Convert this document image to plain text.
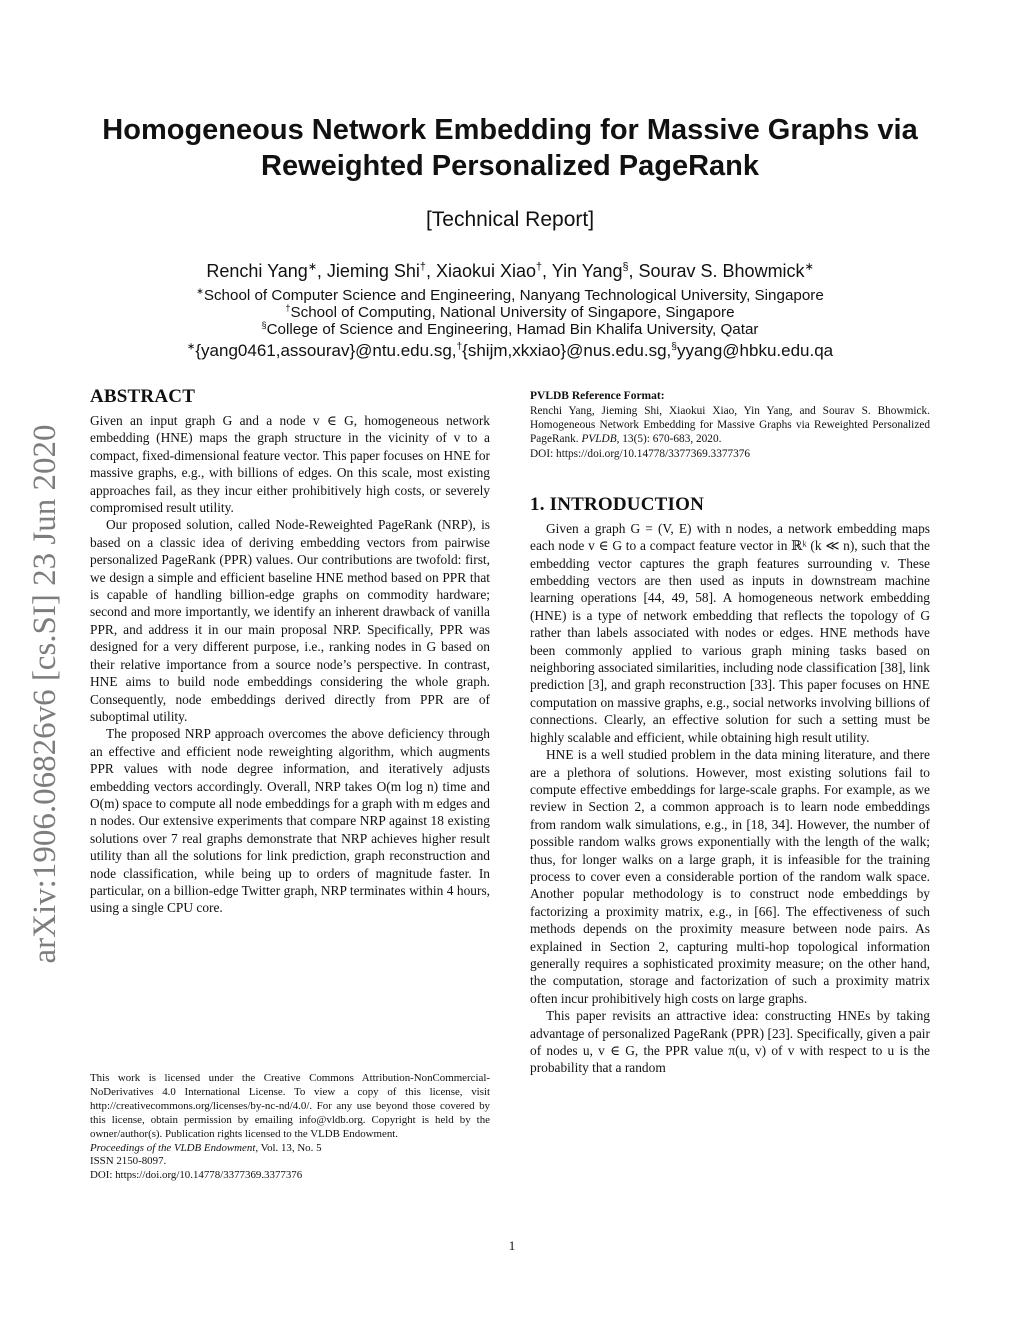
arXiv:1906.06826v6 [cs.SI] 23 Jun 2020
Homogeneous Network Embedding for Massive Graphs via
Reweighted Personalized PageRank
[Technical Report]
Renchi Yang∗, Jieming Shi†, Xiaokui Xiao†, Yin Yang§, Sourav S. Bhowmick∗
∗School of Computer Science and Engineering, Nanyang Technological University, Singapore
†School of Computing, National University of Singapore, Singapore
§College of Science and Engineering, Hamad Bin Khalifa University, Qatar
∗{yang0461,assourav}@ntu.edu.sg,†{shijm,xkxiao}@nus.edu.sg,§yyang@hbku.edu.qa
ABSTRACT

Given an input graph G and a node v ∈ G, homogeneous network embedding (HNE) maps the graph structure in the vicinity of v to a compact, fixed-dimensional feature vector. This paper focuses on HNE for massive graphs, e.g., with billions of edges. On this scale, most existing approaches fail, as they incur either prohibitively high costs, or severely compromised result utility.

Our proposed solution, called Node-Reweighted PageRank (NRP), is based on a classic idea of deriving embedding vectors from pairwise personalized PageRank (PPR) values. Our contributions are twofold: first, we design a simple and efficient baseline HNE method based on PPR that is capable of handling billion-edge graphs on commodity hardware; second and more importantly, we identify an inherent drawback of vanilla PPR, and address it in our main proposal NRP. Specifically, PPR was designed for a very different purpose, i.e., ranking nodes in G based on their relative importance from a source node’s perspective. In contrast, HNE aims to build node embeddings considering the whole graph. Consequently, node embeddings derived directly from PPR are of suboptimal utility.

The proposed NRP approach overcomes the above deficiency through an effective and efficient node reweighting algorithm, which augments PPR values with node degree information, and iteratively adjusts embedding vectors accordingly. Overall, NRP takes O(m log n) time and O(m) space to compute all node embeddings for a graph with m edges and n nodes. Our extensive experiments that compare NRP against 18 existing solutions over 7 real graphs demonstrate that NRP achieves higher result utility than all the solutions for link prediction, graph reconstruction and node classification, while being up to orders of magnitude faster. In particular, on a billion-edge Twitter graph, NRP terminates within 4 hours, using a single CPU core.

This work is licensed under the Creative Commons Attribution-NonCommercial-NoDerivatives 4.0 International License. To view a copy of this license, visit http://creativecommons.org/licenses/by-nc-nd/4.0/. For any use beyond those covered by this license, obtain permission by emailing info@vldb.org. Copyright is held by the owner/author(s). Publication rights licensed to the VLDB Endowment.

Proceedings of the VLDB Endowment, Vol. 13, No. 5

ISSN 2150-8097.

DOI: https://doi.org/10.14778/3377369.3377376

PVLDB Reference Format:

Renchi Yang, Jieming Shi, Xiaokui Xiao, Yin Yang, and Sourav S. Bhowmick. Homogeneous Network Embedding for Massive Graphs via Reweighted Personalized PageRank. PVLDB, 13(5): 670-683, 2020.

DOI: https://doi.org/10.14778/3377369.3377376

1. INTRODUCTION

Given a graph G = (V, E) with n nodes, a network embedding maps each node v ∈ G to a compact feature vector in ℝᵏ (k ≪ n), such that the embedding vector captures the graph features surrounding v. These embedding vectors are then used as inputs in downstream machine learning operations [44, 49, 58]. A homogeneous network embedding (HNE) is a type of network embedding that reflects the topology of G rather than labels associated with nodes or edges. HNE methods have been commonly applied to various graph mining tasks based on neighboring associated similarities, including node classification [38], link prediction [3], and graph reconstruction [33]. This paper focuses on HNE computation on massive graphs, e.g., social networks involving billions of connections. Clearly, an effective solution for such a setting must be highly scalable and efficient, while obtaining high result utility.

HNE is a well studied problem in the data mining literature, and there are a plethora of solutions. However, most existing solutions fail to compute effective embeddings for large-scale graphs. For example, as we review in Section 2, a common approach is to learn node embeddings from random walk simulations, e.g., in [18, 34]. However, the number of possible random walks grows exponentially with the length of the walk; thus, for longer walks on a large graph, it is infeasible for the training process to cover even a considerable portion of the random walk space. Another popular methodology is to construct node embeddings by factorizing a proximity matrix, e.g., in [66]. The effectiveness of such methods depends on the proximity measure between node pairs. As explained in Section 2, capturing multi-hop topological information generally requires a sophisticated proximity measure; on the other hand, the computation, storage and factorization of such a proximity matrix often incur prohibitively high costs on large graphs.

This paper revisits an attractive idea: constructing HNEs by taking advantage of personalized PageRank (PPR) [23]. Specifically, given a pair of nodes u, v ∈ G, the PPR value π(u, v) of v with respect to u is the probability that a random

1
